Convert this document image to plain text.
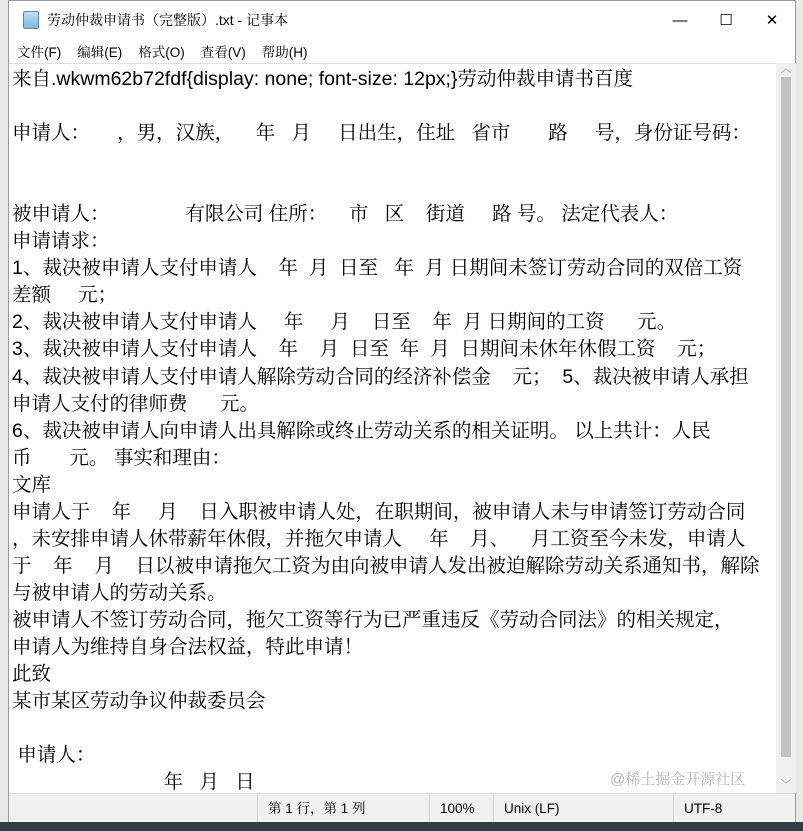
劳动仲裁申请书（完整版）.txt - 记事本	—	☐	✕
文件(F)	编辑(E)	格式(O)	查看(V)	帮助(H)
来自.wkwm62b72fdf{display: none; font-size: 12px;}劳动仲裁申请书百度
申请人：     ，男，汉族，    年   月     日出生，住址   省市       路     号，身份证号码：
被申请人：              有限公司 住所：    市   区    街道     路 号。 法定代表人：
申请请求：
1、裁决被申请人支付申请人    年  月  日至   年  月 日期间未签订劳动合同的双倍工资
差额     元；
2、裁决被申请人支付申请人     年     月    日至    年  月 日期间的工资      元。
3、裁决被申请人支付申请人    年    月  日至  年  月  日期间未休年休假工资    元；
4、裁决被申请人支付申请人解除劳动合同的经济补偿金    元；  5、裁决被申请人承担
申请人支付的律师费      元。
6、裁决被申请人向申请人出具解除或终止劳动关系的相关证明。 以上共计：人民
币       元。 事实和理由：
文库
申请人于    年     月    日入职被申请人处，在职期间，被申请人未与申请签订劳动合同
，未安排申请人休带薪年休假，并拖欠申请人     年    月、    月工资至今未发，申请人
于    年    月    日以被申请拖欠工资为由向被申请人发出被迫解除劳动关系通知书，解除
与被申请人的劳动关系。
被申请人不签订劳动合同，拖欠工资等行为已严重违反《劳动合同法》的相关规定，
申请人为维持自身合法权益，特此申请！
此致
某市某区劳动争议仲裁委员会
申请人：
年   月   日
︿
﹀
第 1 行，第 1 列	100%	Unix (LF)	UTF-8
@稀土掘金开源社区
